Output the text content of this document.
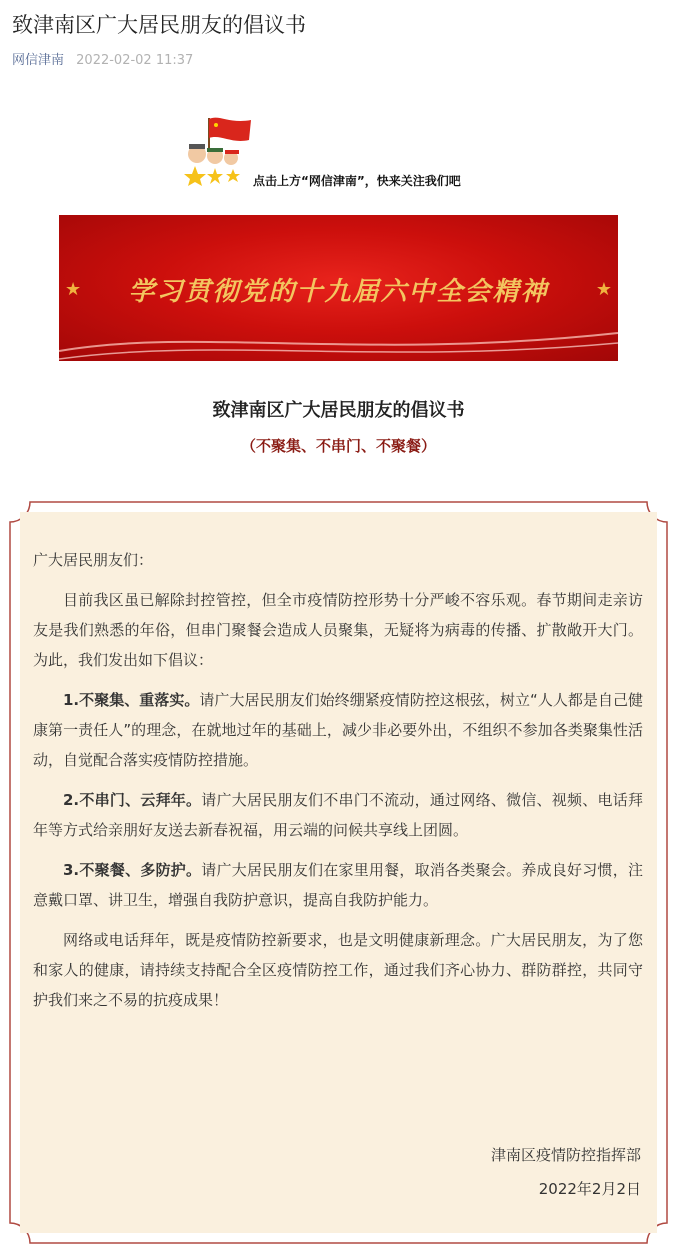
致津南区广大居民朋友的倡议书
网信津南 2022-02-02 11:37
点击上方“网信津南”，快来关注我们吧
★	学习贯彻党的十九届六中全会精神	★
致津南区广大居民朋友的倡议书
（不聚集、不串门、不聚餐）

广大居民朋友们：

目前我区虽已解除封控管控，但全市疫情防控形势十分严峻不容乐观。春节期间走亲访友是我们熟悉的年俗，但串门聚餐会造成人员聚集，无疑将为病毒的传播、扩散敞开大门。为此，我们发出如下倡议：

1.不聚集、重落实。请广大居民朋友们始终绷紧疫情防控这根弦，树立“人人都是自己健康第一责任人”的理念，在就地过年的基础上，减少非必要外出，不组织不参加各类聚集性活动，自觉配合落实疫情防控措施。

2.不串门、云拜年。请广大居民朋友们不串门不流动，通过网络、微信、视频、电话拜年等方式给亲朋好友送去新春祝福，用云端的问候共享线上团圆。

3.不聚餐、多防护。请广大居民朋友们在家里用餐，取消各类聚会。养成良好习惯，注意戴口罩、讲卫生，增强自我防护意识，提高自我防护能力。

网络或电话拜年，既是疫情防控新要求，也是文明健康新理念。广大居民朋友，为了您和家人的健康，请持续支持配合全区疫情防控工作，通过我们齐心协力、群防群控，共同守护我们来之不易的抗疫成果！

津南区疫情防控指挥部
2022年2月2日
